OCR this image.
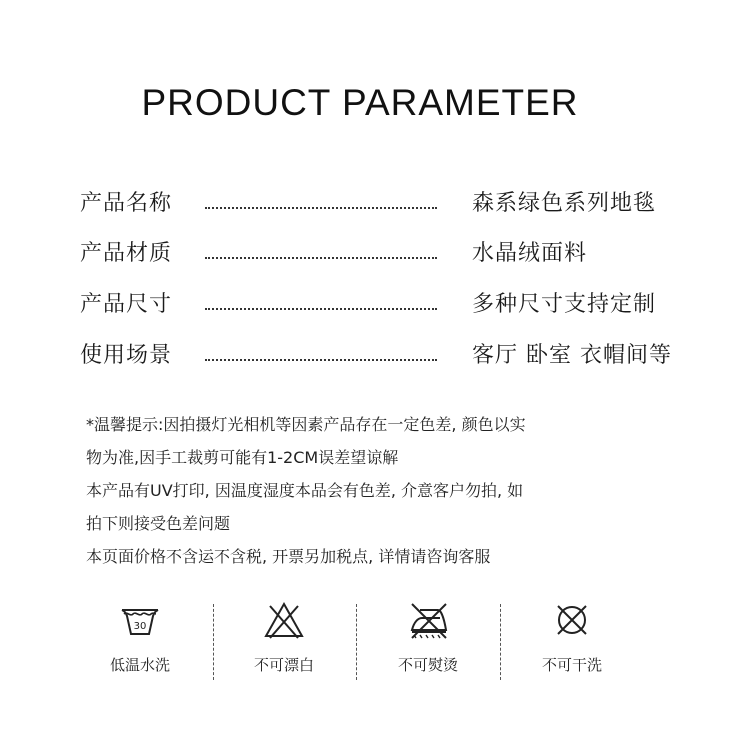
PRODUCT PARAMETER
产品名称	森系绿色系列地毯
产品材质	水晶绒面料
产品尺寸	多种尺寸支持定制
使用场景	客厅 卧室 衣帽间等
*温馨提示:因拍摄灯光相机等因素产品存在一定色差, 颜色以实
物为准,因手工裁剪可能有1-2CM误差望谅解
本产品有UV打印, 因温度湿度本品会有色差, 介意客户勿拍, 如
拍下则接受色差问题
本页面价格不含运不含税, 开票另加税点, 详情请咨询客服
30
低温水洗	不可漂白	不可熨烫	不可干洗
